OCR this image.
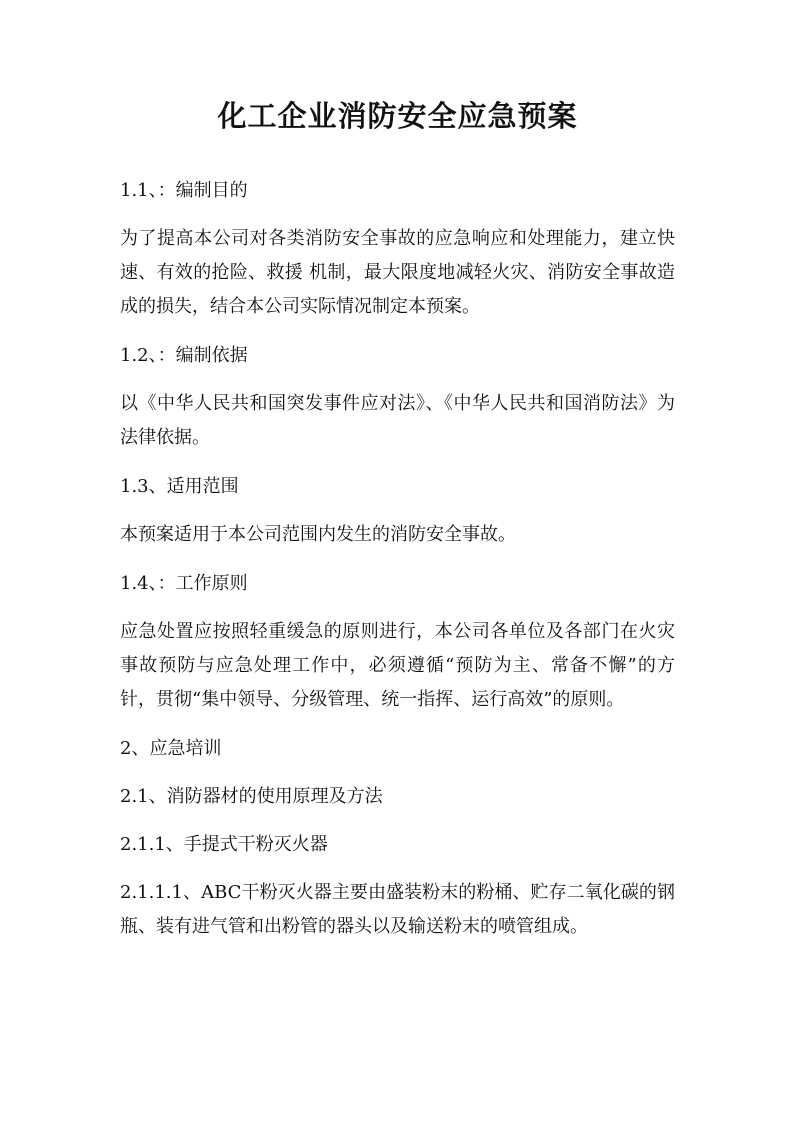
化工企业消防安全应急预案
1.1、：编制目的
为了提高本公司对各类消防安全事故的应急响应和处理能力，建立快速、有效的抢险、救援 机制，最大限度地减轻火灾、消防安全事故造成的损失，结合本公司实际情况制定本预案。
1.2、：编制依据
以《中华人民共和国突发事件应对法》、《中华人民共和国消防法》为法律依据。
1.3、适用范围
本预案适用于本公司范围内发生的消防安全事故。
1.4、：工作原则
应急处置应按照轻重缓急的原则进行，本公司各单位及各部门在火灾事故预防与应急处理工作中，必须遵循“预防为主、常备不懈”的方针，贯彻“集中领导、分级管理、统一指挥、运行高效”的原则。
2、应急培训
2.1、消防器材的使用原理及方法
2.1.1、手提式干粉灭火器
2.1.1.1、ABC干粉灭火器主要由盛装粉末的粉桶、贮存二氧化碳的钢瓶、装有进气管和出粉管的器头以及输送粉末的喷管组成。
